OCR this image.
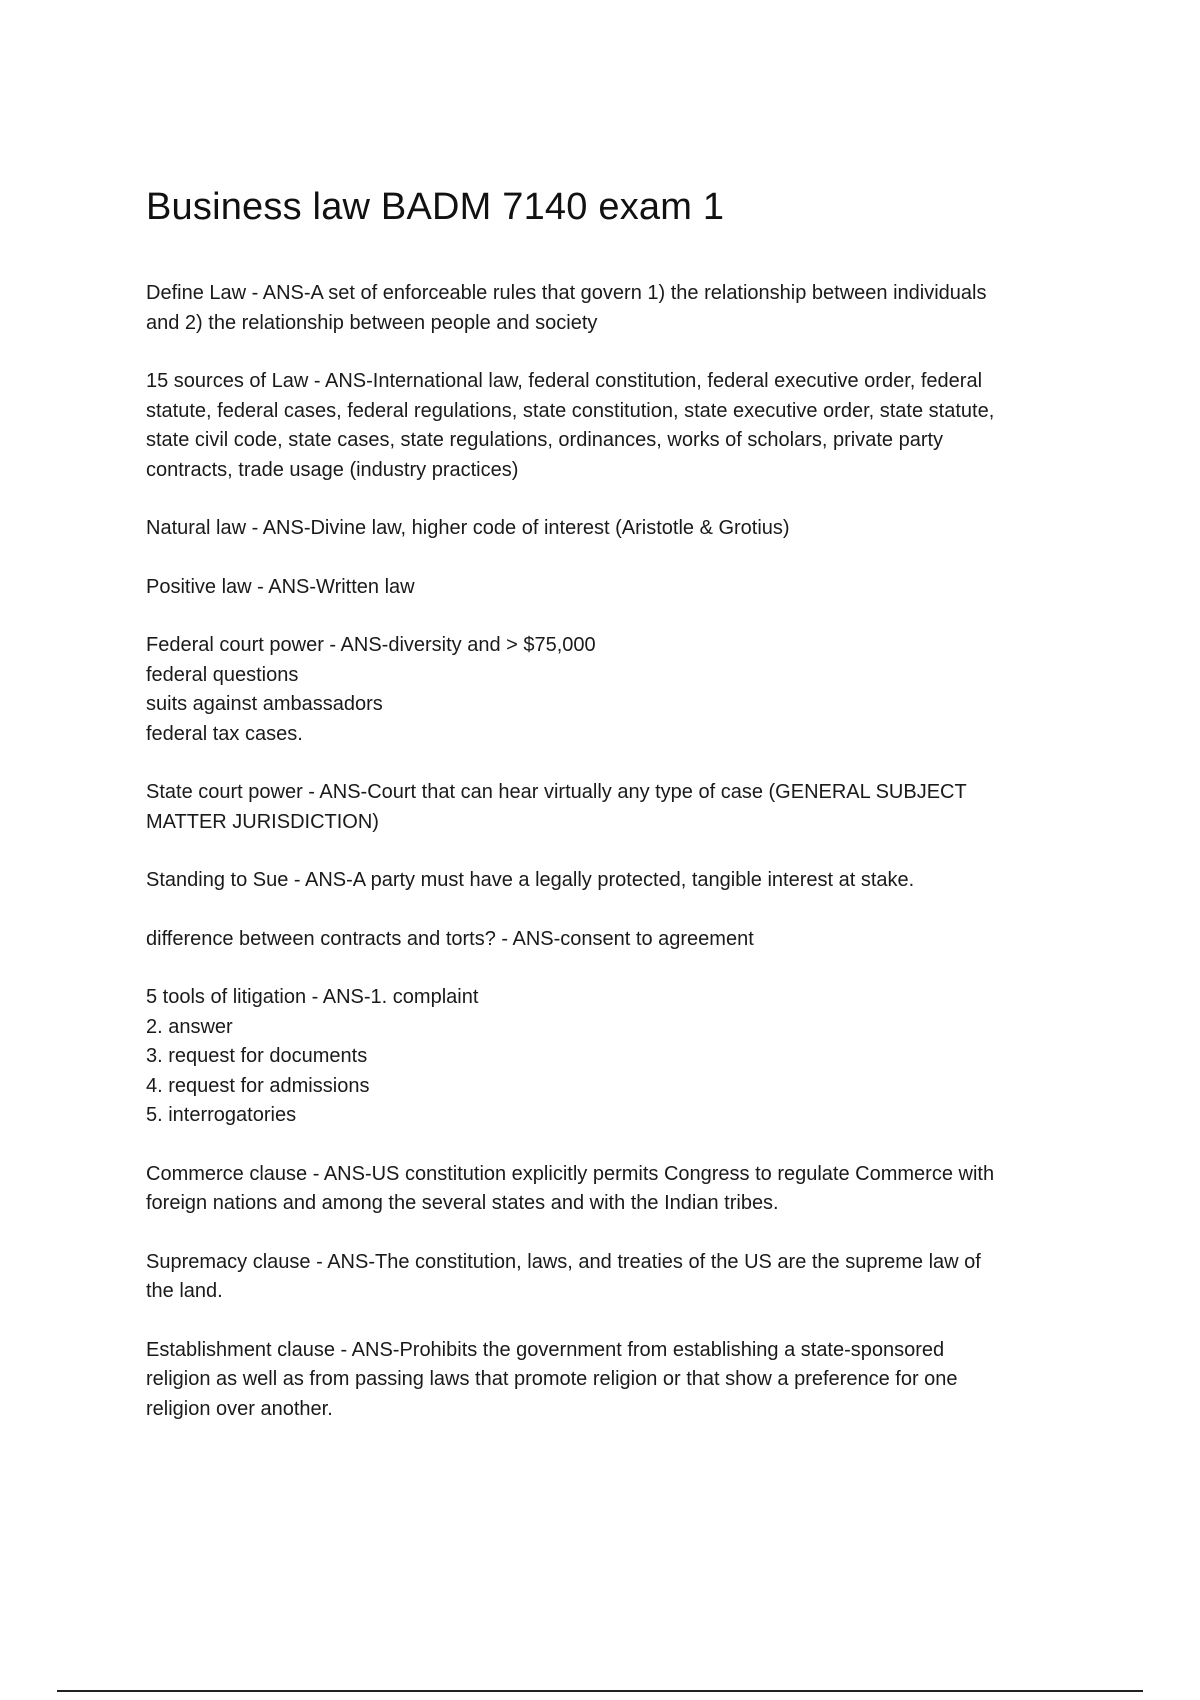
Business law BADM 7140 exam 1
Define Law - ANS-A set of enforceable rules that govern 1) the relationship between individuals
and 2) the relationship between people and society
15 sources of Law - ANS-International law, federal constitution, federal executive order, federal
statute, federal cases, federal regulations, state constitution, state executive order, state statute,
state civil code, state cases, state regulations, ordinances, works of scholars, private party
contracts, trade usage (industry practices)
Natural law - ANS-Divine law, higher code of interest (Aristotle & Grotius)
Positive law - ANS-Written law
Federal court power - ANS-diversity and > $75,000
federal questions
suits against ambassadors
federal tax cases.
State court power - ANS-Court that can hear virtually any type of case (GENERAL SUBJECT
MATTER JURISDICTION)
Standing to Sue - ANS-A party must have a legally protected, tangible interest at stake.
difference between contracts and torts? - ANS-consent to agreement
5 tools of litigation - ANS-1. complaint
2. answer
3. request for documents
4. request for admissions
5. interrogatories
Commerce clause - ANS-US constitution explicitly permits Congress to regulate Commerce with
foreign nations and among the several states and with the Indian tribes.
Supremacy clause - ANS-The constitution, laws, and treaties of the US are the supreme law of
the land.
Establishment clause - ANS-Prohibits the government from establishing a state-sponsored
religion as well as from passing laws that promote religion or that show a preference for one
religion over another.
